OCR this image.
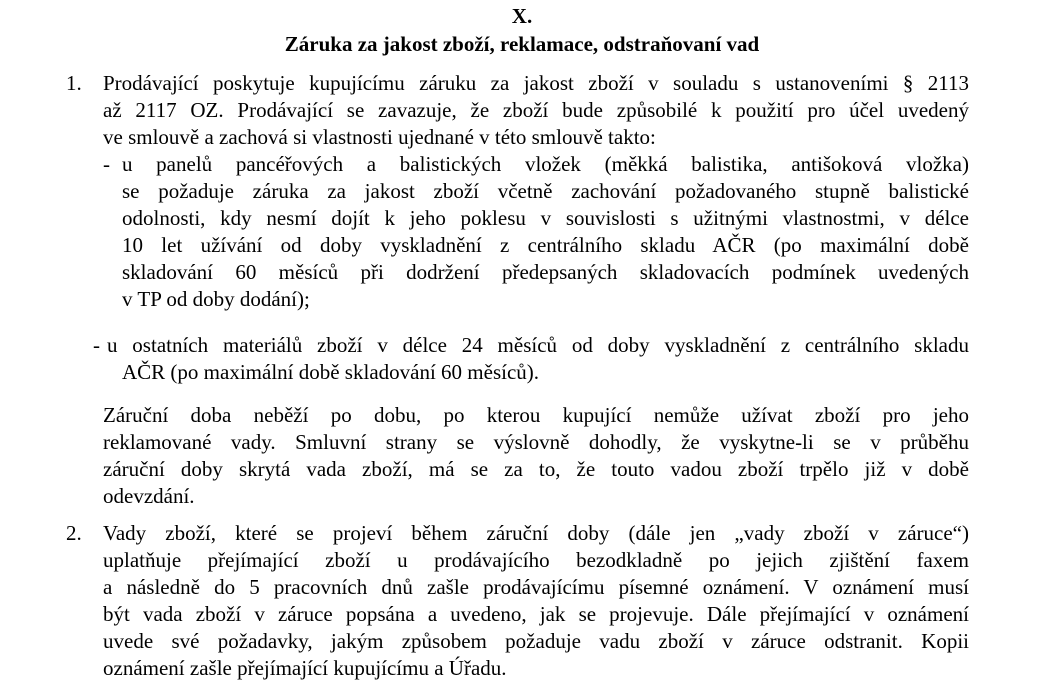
X.
Záruka za jakost zboží, reklamace, odstraňovaní vad
1. Prodávající poskytuje kupujícímu záruku za jakost zboží v souladu s ustanoveními § 2113
až 2117 OZ. Prodávající se zavazuje, že zboží bude způsobilé k použití pro účel uvedený
ve smlouvě a zachová si vlastnosti ujednané v této smlouvě takto:
- u panelů pancéřových a balistických vložek (měkká balistika, antišoková vložka)
se požaduje záruka za jakost zboží včetně zachování požadovaného stupně balistické
odolnosti, kdy nesmí dojít k jeho poklesu v souvislosti s užitnými vlastnostmi, v délce
10 let užívání od doby vyskladnění z centrálního skladu AČR (po maximální době
skladování 60 měsíců při dodržení předepsaných skladovacích podmínek uvedených
v TP od doby dodání);
- u ostatních materiálů zboží v délce 24 měsíců od doby vyskladnění z centrálního skladu
AČR (po maximální době skladování 60 měsíců).
Záruční doba neběží po dobu, po kterou kupující nemůže užívat zboží pro jeho
reklamované vady. Smluvní strany se výslovně dohodly, že vyskytne-li se v průběhu
záruční doby skrytá vada zboží, má se za to, že touto vadou zboží trpělo již v době
odevzdání.
2. Vady zboží, které se projeví během záruční doby (dále jen „vady zboží v záruce“)
uplatňuje přejímající zboží u prodávajícího bezodkladně po jejich zjištění faxem
a následně do 5 pracovních dnů zašle prodávajícímu písemné oznámení. V oznámení musí
být vada zboží v záruce popsána a uvedeno, jak se projevuje. Dále přejímající v oznámení
uvede své požadavky, jakým způsobem požaduje vadu zboží v záruce odstranit. Kopii
oznámení zašle přejímající kupujícímu a Úřadu.
